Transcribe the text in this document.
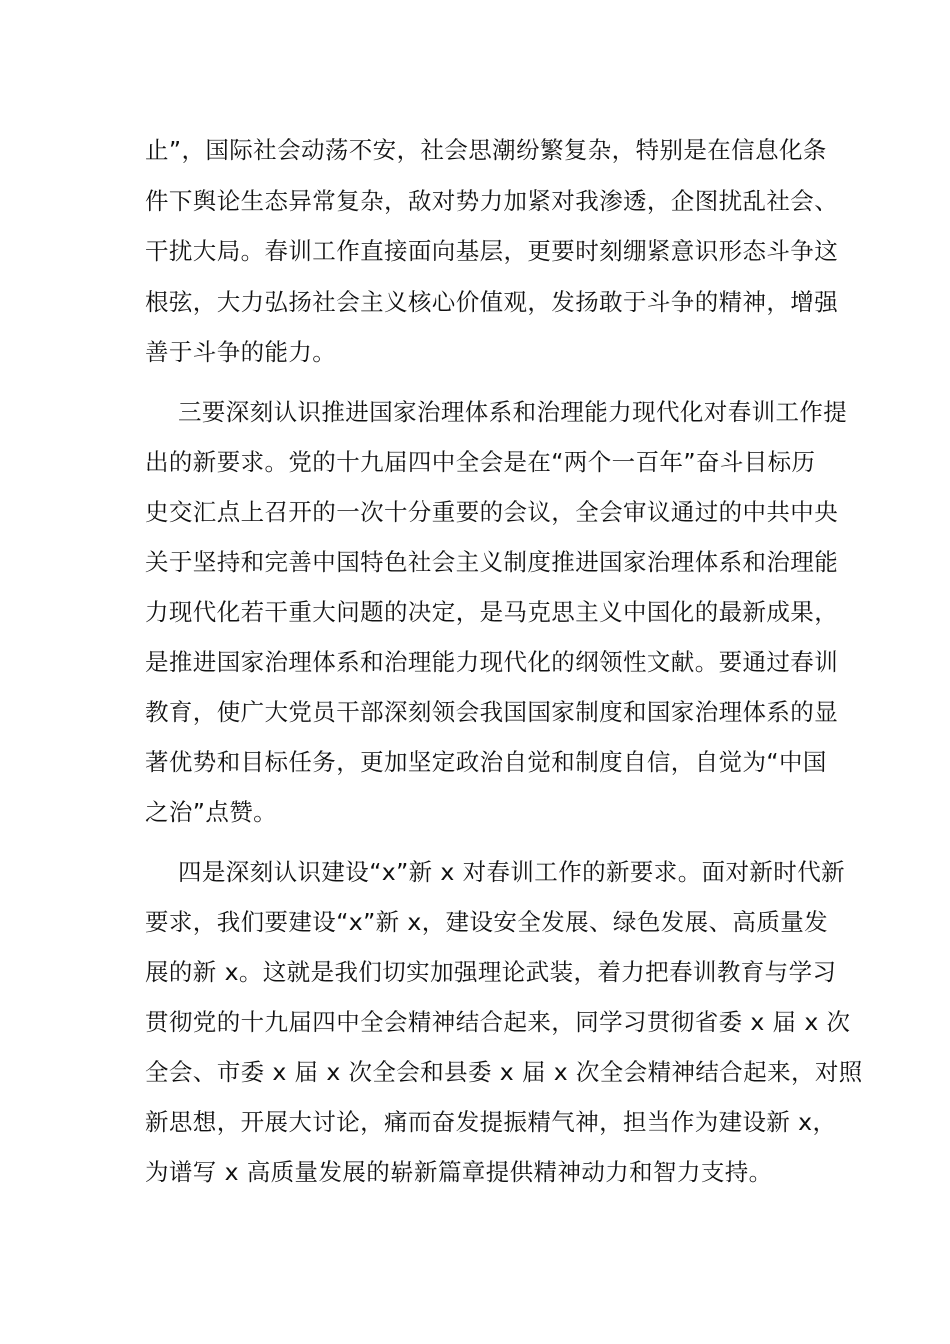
止”，国际社会动荡不安，社会思潮纷繁复杂，特别是在信息化条
件下舆论生态异常复杂，敌对势力加紧对我渗透，企图扰乱社会、
干扰大局。春训工作直接面向基层，更要时刻绷紧意识形态斗争这
根弦，大力弘扬社会主义核心价值观，发扬敢于斗争的精神，增强
善于斗争的能力。
三要深刻认识推进国家治理体系和治理能力现代化对春训工作提
出的新要求。党的十九届四中全会是在“两个一百年”奋斗目标历
史交汇点上召开的一次十分重要的会议，全会审议通过的中共中央
关于坚持和完善中国特色社会主义制度推进国家治理体系和治理能
力现代化若干重大问题的决定，是马克思主义中国化的最新成果，
是推进国家治理体系和治理能力现代化的纲领性文献。要通过春训
教育，使广大党员干部深刻领会我国国家制度和国家治理体系的显
著优势和目标任务，更加坚定政治自觉和制度自信，自觉为“中国
之治”点赞。
四是深刻认识建设“x”新 x 对春训工作的新要求。面对新时代新
要求，我们要建设“x”新 x，建设安全发展、绿色发展、高质量发
展的新 x。这就是我们切实加强理论武装，着力把春训教育与学习
贯彻党的十九届四中全会精神结合起来，同学习贯彻省委 x 届 x 次
全会、市委 x 届 x 次全会和县委 x 届 x 次全会精神结合起来，对照
新思想，开展大讨论，痛而奋发提振精气神，担当作为建设新 x，
为谱写 x 高质量发展的崭新篇章提供精神动力和智力支持。
